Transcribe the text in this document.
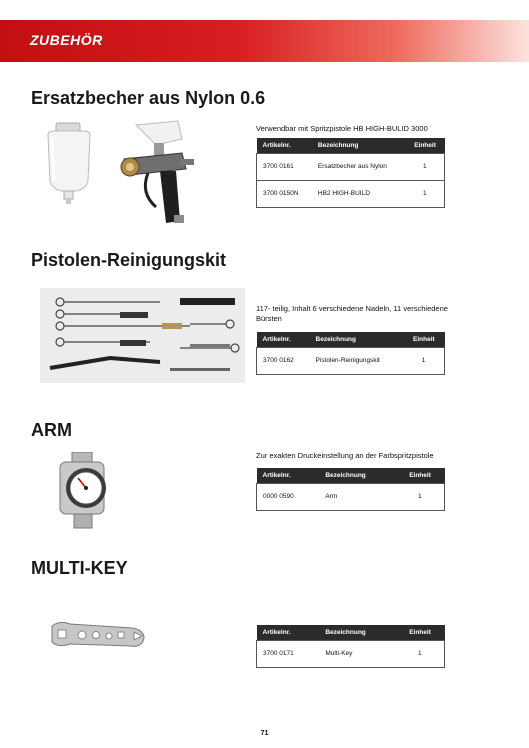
ZUBEHÖR
Ersatzbecher aus Nylon 0.6
Verwendbar mit Spritzpistole HB HIGH-BULID 3000
Artikelnr.	Bezeichnung	Einheit
3700 0161	Ersatzbecher aus Nylon	1
3700 0150N	HB2 HIGH-BUILD	1
Pistolen-Reinigungskit
117- teilig, Inhalt 6 verschiedene Nadeln, 11 verschiedene Bürsten
Artikelnr.	Bezeichnung	Einheit
3700 0162	Pistolen-Reinigungskit	1
ARM
Zur exakten Druckeinstellung an der Farbspritzpistole
Artikelnr.	Bezeichnung	Einheit
0000 0590	Arm	1
MULTI-KEY
Artikelnr.	Bezeichnung	Einheit
3700 0171	Multi-Key	1
71
